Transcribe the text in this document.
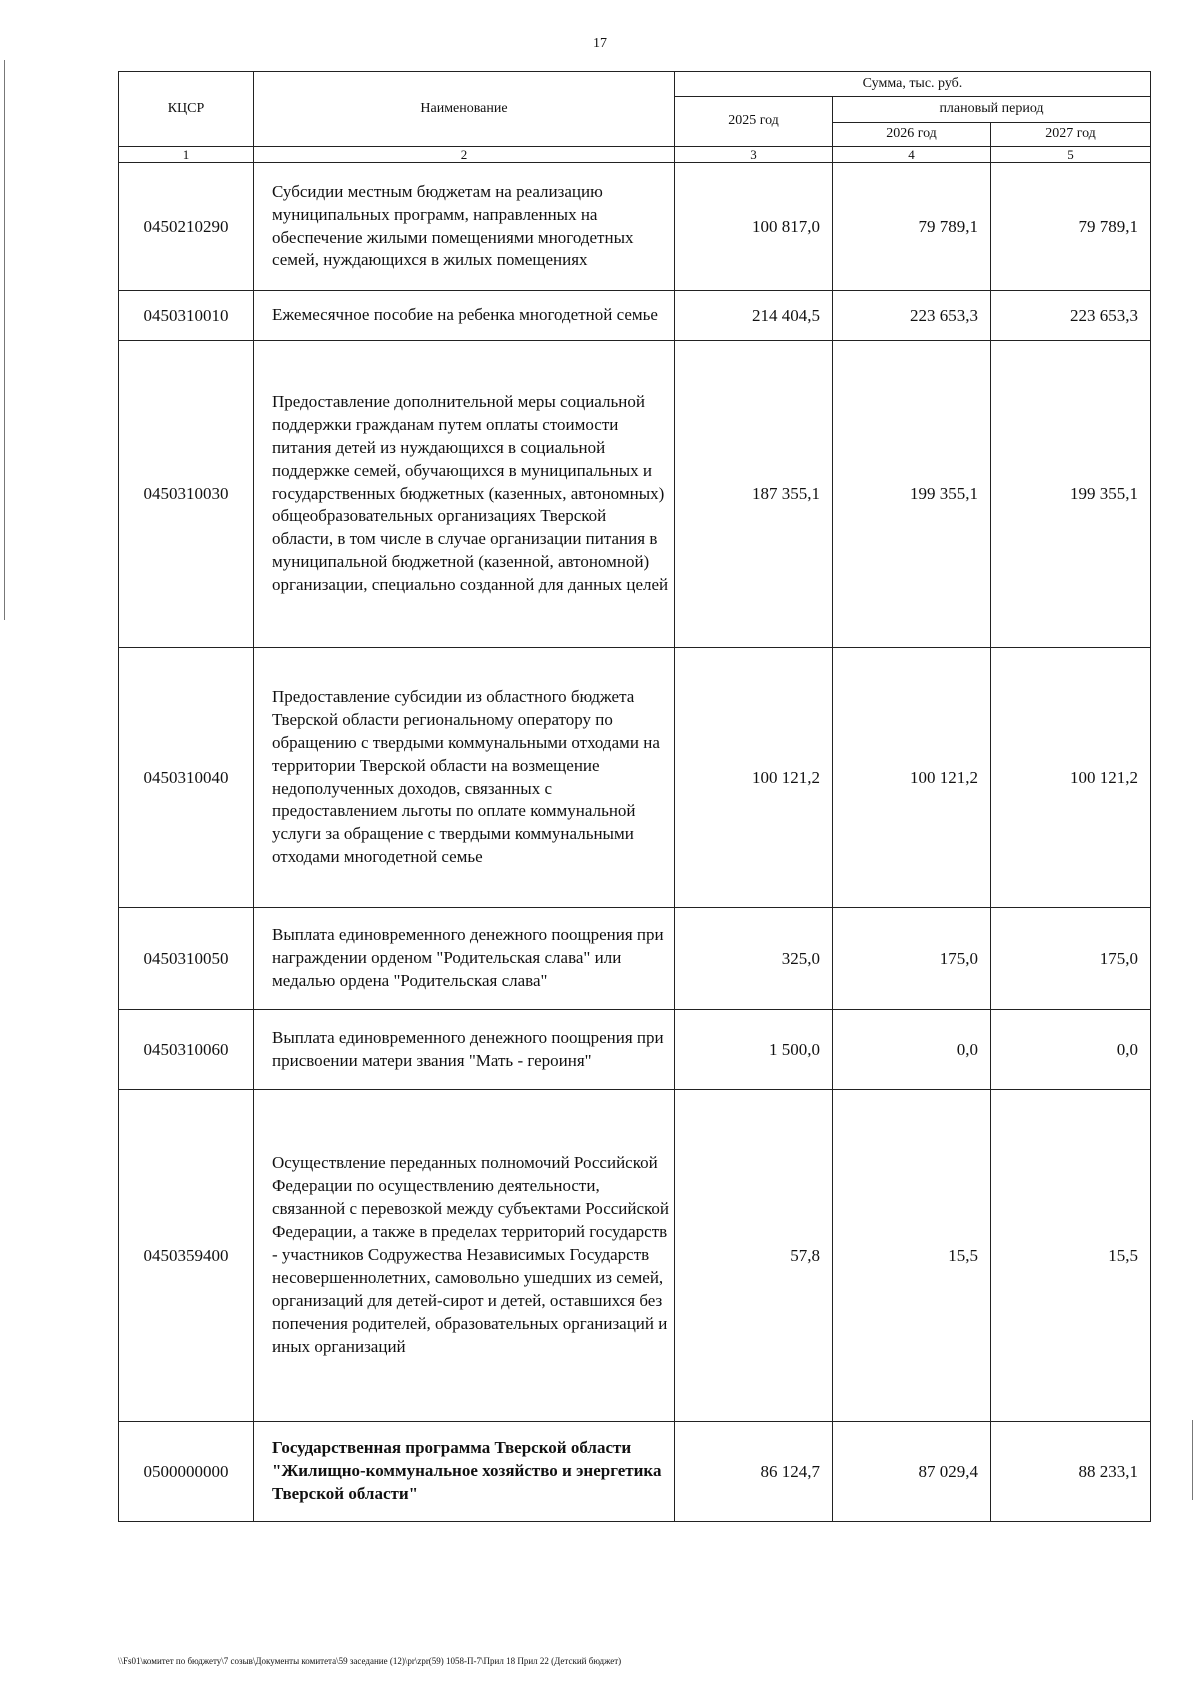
17
КЦСР	Наименование	Сумма, тыс. руб.		
		2025 год	плановый период	
			2026 год	2027 год
1	2	3	4	5
0450210290	Субсидии местным бюджетам на реализацию муниципальных программ, направленных на обеспечение жилыми помещениями многодетных семей, нуждающихся в жилых помещениях	100 817,0	79 789,1	79 789,1
0450310010	Ежемесячное пособие на ребенка многодетной семье	214 404,5	223 653,3	223 653,3
0450310030	Предоставление дополнительной меры социальной поддержки гражданам путем оплаты стоимости питания детей из нуждающихся в социальной поддержке семей, обучающихся в муниципальных и государственных бюджетных (казенных, автономных) общеобразовательных организациях Тверской области, в том числе в случае организации питания в муниципальной бюджетной (казенной, автономной) организации, специально созданной для данных целей	187 355,1	199 355,1	199 355,1
0450310040	Предоставление субсидии из областного бюджета Тверской области региональному оператору по обращению с твердыми коммунальными отходами на территории Тверской области на возмещение недополученных доходов, связанных с предоставлением льготы по оплате коммунальной услуги за обращение с твердыми коммунальными отходами многодетной семье	100 121,2	100 121,2	100 121,2
0450310050	Выплата единовременного денежного поощрения при награждении орденом "Родительская слава" или медалью ордена "Родительская слава"	325,0	175,0	175,0
0450310060	Выплата единовременного денежного поощрения при присвоении матери звания "Мать - героиня"	1 500,0	0,0	0,0
0450359400	Осуществление переданных полномочий Российской Федерации по осуществлению деятельности, связанной с перевозкой между субъектами Российской Федерации, а также в пределах территорий государств - участников Содружества Независимых Государств несовершеннолетних, самовольно ушедших из семей, организаций для детей-сирот и детей, оставшихся без попечения родителей, образовательных организаций и иных организаций	57,8	15,5	15,5
0500000000	Государственная программа Тверской области "Жилищно-коммунальное хозяйство и энергетика Тверской области"	86 124,7	87 029,4	88 233,1
\\Fs01\комитет по бюджету\7 созыв\Документы комитета\59 заседание (12)\pr\zpr(59) 1058-П-7\Прил 18 Прил 22 (Детский бюджет)
